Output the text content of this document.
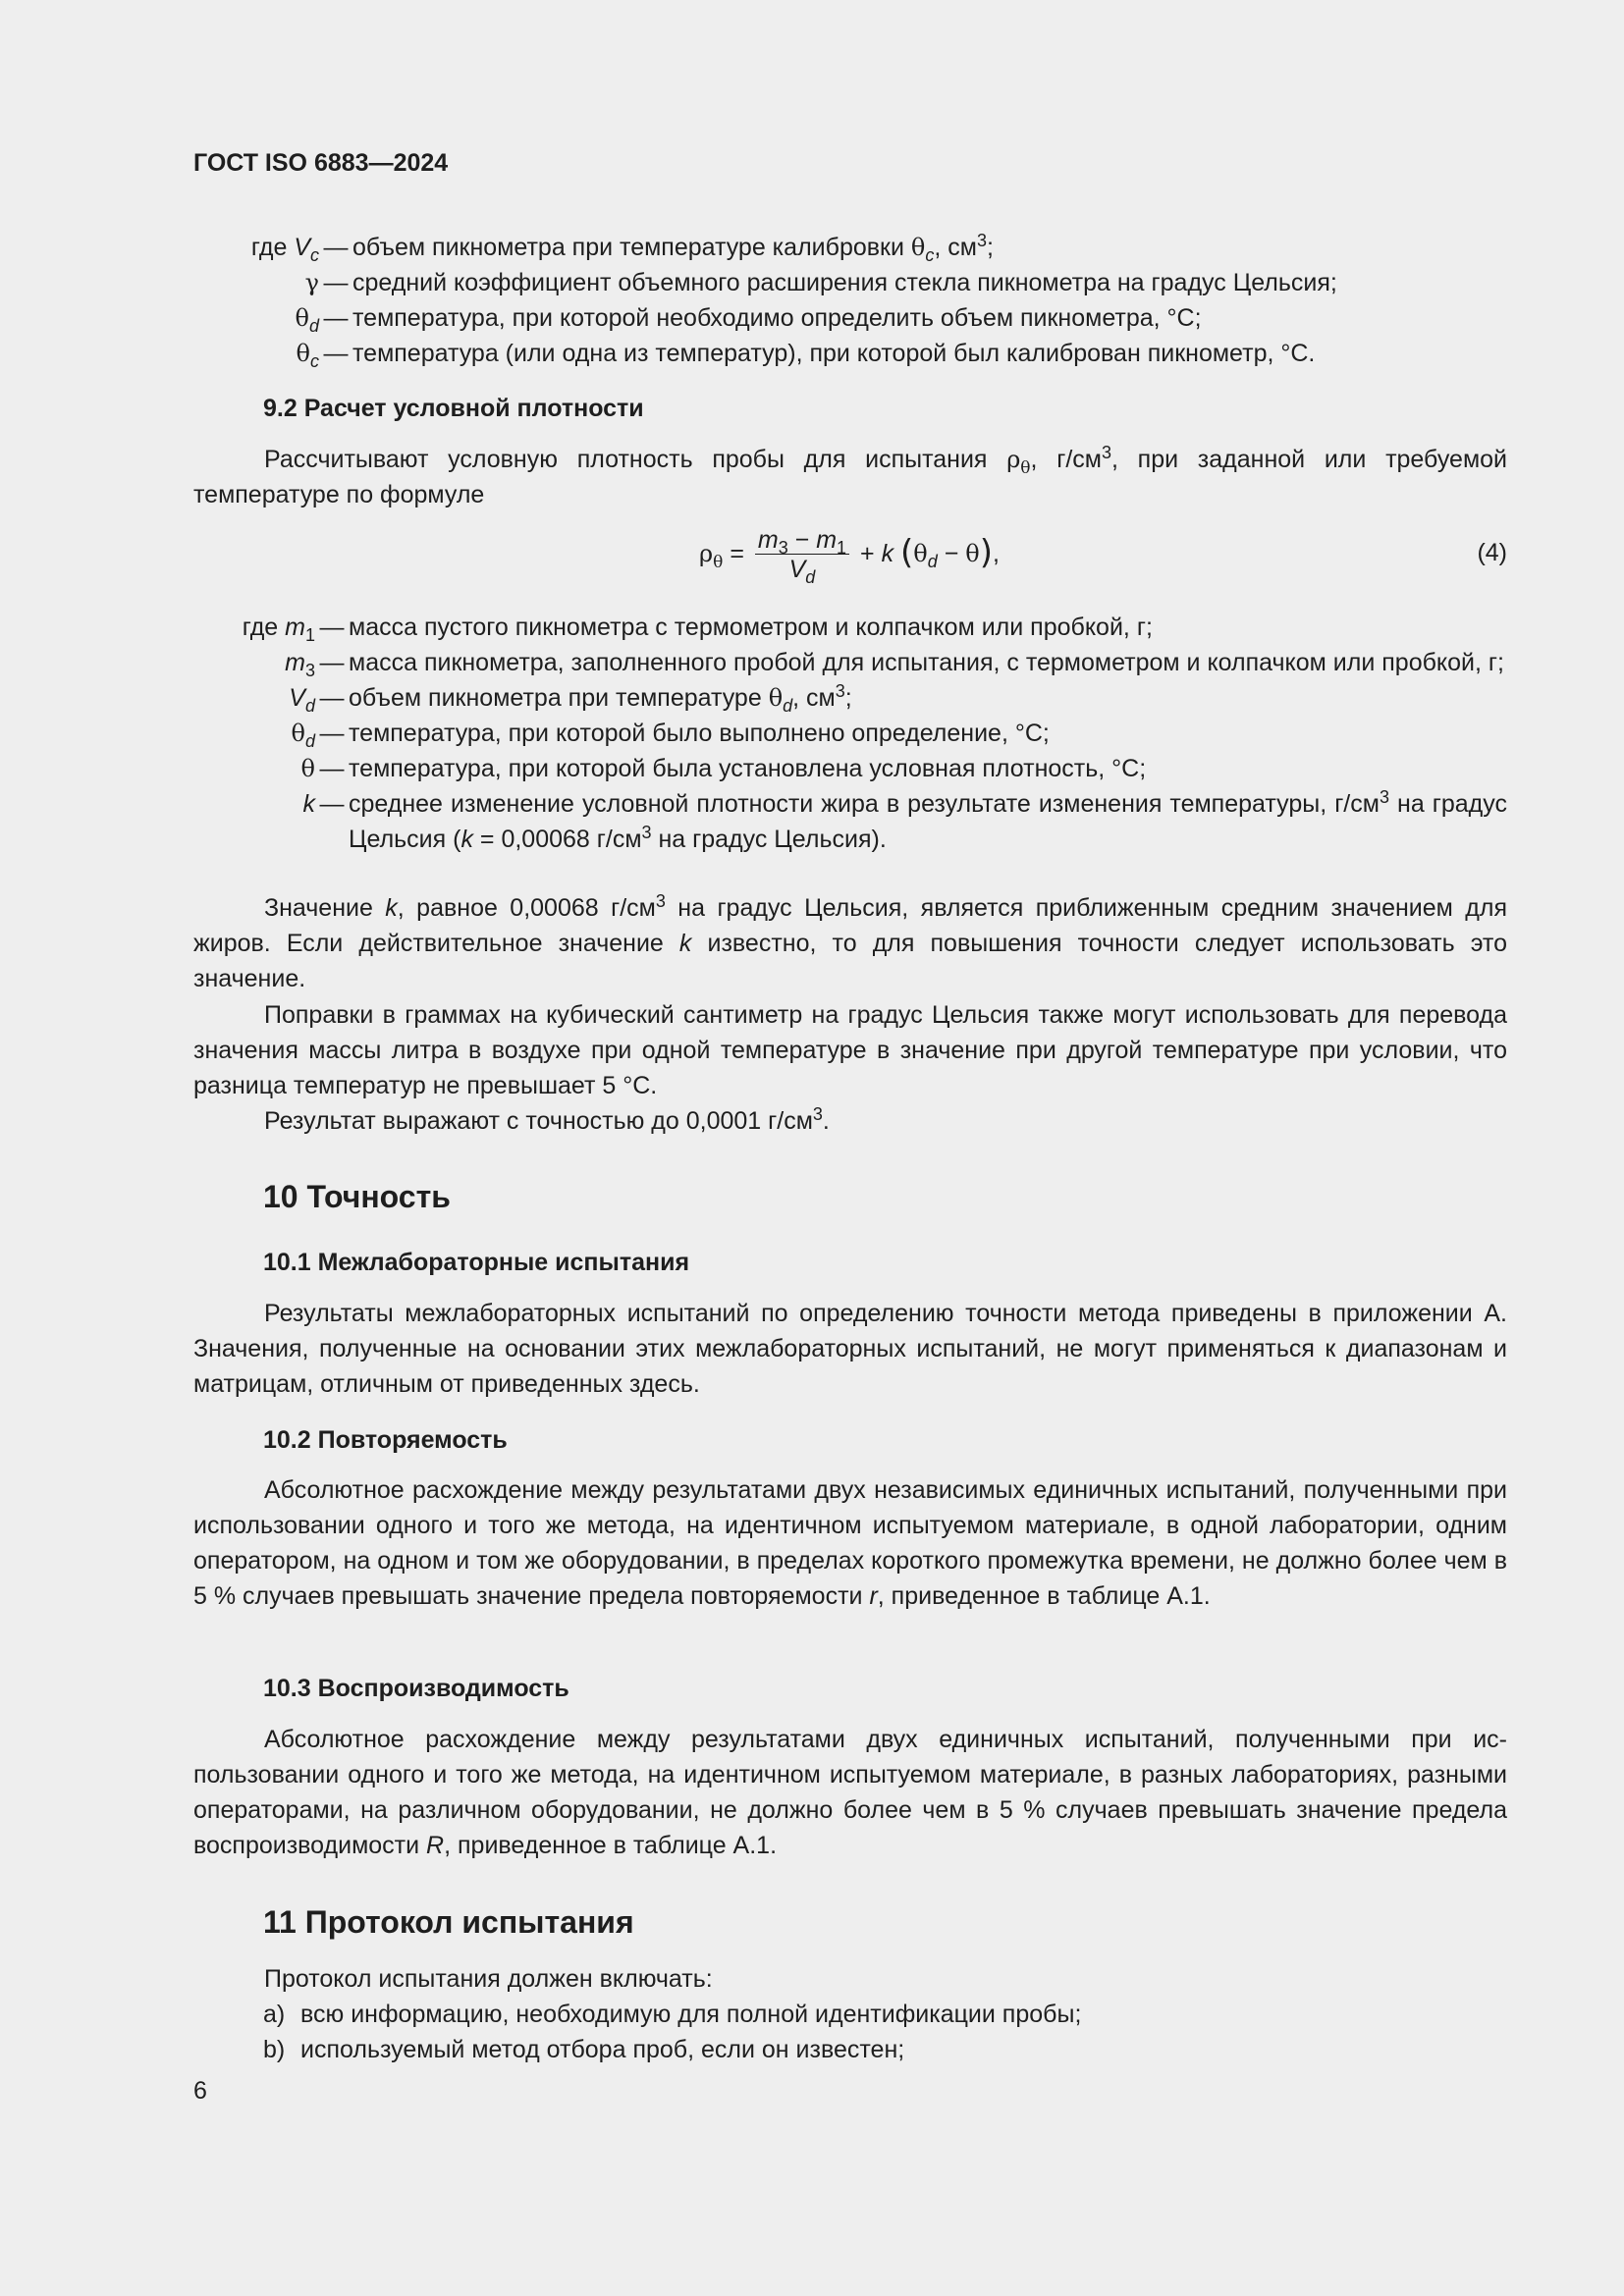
ГОСТ ISO 6883—2024
где $V_c$ — объем пикнометра при температуре калибровки $\theta_c$, $см^3$;
γ — средний коэффициент объемного расширения стекла пикнометра на градус Цельсия;
$\theta_d$ — температура, при которой необходимо определить объем пикнометра, °С;
$\theta_c$ — температура (или одна из температур), при которой был калиброван пикнометр, °С.
9.2 Расчет условной плотности

Рассчитывают условную плотность пробы для испытания $\rho_\theta$, $г/см^3$, при заданной или требуемой температуре по формуле

$\rho_\theta = \frac{m_3 - m_1}{V_d} + k$ $(\theta_d - \theta)$,	(4)
где $m_1$ — масса пустого пикнометра с термометром и колпачком или пробкой, г;
$m_3$ — масса пикнометра, заполненного пробой для испытания, с термометром и колпачком или пробкой, г;
$V_d$ — объем пикнометра при температуре $\theta_d$, $см^3$;
$\theta_d$ — температура, при которой было выполнено определение, °С;
θ — температура, при которой была установлена условная плотность, °С;
k — среднее изменение условной плотности жира в результате изменения температуры, $г/см^3$ на градус Цельсия (k = 0,00068 $г/см^3$ на градус Цельсия).

Значение k, равное 0,00068 $г/см^3$ на градус Цельсия, является приближенным средним значением для жиров. Если действительное значение k известно, то для повышения точности следует использовать это значение.

Поправки в граммах на кубический сантиметр на градус Цельсия также могут использовать для перевода значения массы литра в воздухе при одной температуре в значение при другой температуре при условии, что разница температур не превышает 5 °С.

Результат выражают с точностью до 0,0001 $г/см^3$.

10 Точность
10.1 Межлабораторные испытания

Результаты межлабораторных испытаний по определению точности метода приведены в приложении А. Значения, полученные на основании этих межлабораторных испытаний, не могут применяться к диапазонам и матрицам, отличным от приведенных здесь.

10.2 Повторяемость

Абсолютное расхождение между результатами двух независимых единичных испытаний, полученными при использовании одного и того же метода, на идентичном испытуемом материале, в одной лаборатории, одним оператором, на одном и том же оборудовании, в пределах короткого промежутка времени, не должно более чем в 5 % случаев превышать значение предела повторяемости r, приведенное в таблице А.1.

10.3 Воспроизводимость

Абсолютное расхождение между результатами двух единичных испытаний, полученными при использовании одного и того же метода, на идентичном испытуемом материале, в разных лабораториях, разными операторами, на различном оборудовании, не должно более чем в 5 % случаев превышать значение предела воспроизводимости R, приведенное в таблице А.1.

11 Протокол испытания

Протокол испытания должен включать:

a) всю информацию, необходимую для полной идентификации пробы;
b) используемый метод отбора проб, если он известен;
6
